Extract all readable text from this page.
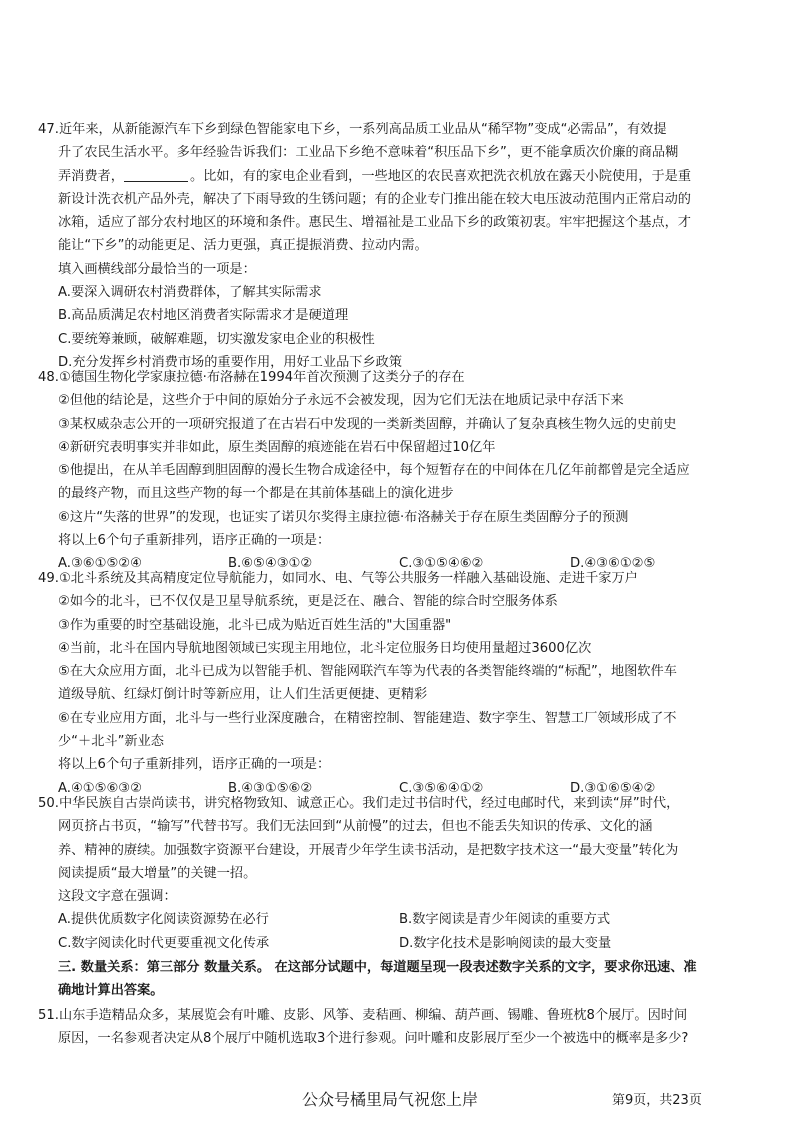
47.近年来，从新能源汽车下乡到绿色智能家电下乡，一系列高品质工业品从“稀罕物”变成“必需品”，有效提
升了农民生活水平。多年经验告诉我们：工业品下乡绝不意味着“积压品下乡”，更不能拿质次价廉的商品糊
弄消费者，	。比如，有的家电企业看到，一些地区的农民喜欢把洗衣机放在露天小院使用，于是重
新设计洗衣机产品外壳，解决了下雨导致的生锈问题；有的企业专门推出能在较大电压波动范围内正常启动的
冰箱，适应了部分农村地区的环境和条件。惠民生、增福祉是工业品下乡的政策初衷。牢牢把握这个基点，才
能让“下乡”的动能更足、活力更强，真正提振消费、拉动内需。
填入画横线部分最恰当的一项是：
A.要深入调研农村消费群体，了解其实际需求
B.高品质满足农村地区消费者实际需求才是硬道理
C.要统筹兼顾，破解难题，切实激发家电企业的积极性
D.充分发挥乡村消费市场的重要作用，用好工业品下乡政策
48.①德国生物化学家康拉德·布洛赫在1994年首次预测了这类分子的存在
②但他的结论是，这些介于中间的原始分子永远不会被发现，因为它们无法在地质记录中存活下来
③某权威杂志公开的一项研究报道了在古岩石中发现的一类新类固醇，并确认了复杂真核生物久远的史前史
④新研究表明事实并非如此，原生类固醇的痕迹能在岩石中保留超过10亿年
⑤他提出，在从羊毛固醇到胆固醇的漫长生物合成途径中，每个短暂存在的中间体在几亿年前都曾是完全适应
的最终产物，而且这些产物的每一个都是在其前体基础上的演化进步
⑥这片“失落的世界”的发现，也证实了诺贝尔奖得主康拉德·布洛赫关于存在原生类固醇分子的预测
将以上6个句子重新排列，语序正确的一项是：
A.③⑥①⑤②④	B.⑥⑤④③①②	C.③①⑤④⑥②	D.④③⑥①②⑤
49.①北斗系统及其高精度定位导航能力，如同水、电、气等公共服务一样融入基础设施、走进千家万户
②如今的北斗，已不仅仅是卫星导航系统，更是泛在、融合、智能的综合时空服务体系
③作为重要的时空基础设施，北斗已成为贴近百姓生活的"大国重器"
④当前，北斗在国内导航地图领域已实现主用地位，北斗定位服务日均使用量超过3600亿次
⑤在大众应用方面，北斗已成为以智能手机、智能网联汽车等为代表的各类智能终端的“标配”，地图软件车
道级导航、红绿灯倒计时等新应用，让人们生活更便捷、更精彩
⑥在专业应用方面，北斗与一些行业深度融合，在精密控制、智能建造、数字孪生、智慧工厂领域形成了不
少“＋北斗”新业态
将以上6个句子重新排列，语序正确的一项是：
A.④①⑤⑥③②	B.④③①⑤⑥②	C.③⑤⑥④①②	D.③①⑥⑤④②
50.中华民族自古崇尚读书，讲究格物致知、诚意正心。我们走过书信时代，经过电邮时代，来到读“屏”时代，
网页挤占书页，“输写”代替书写。我们无法回到“从前慢”的过去，但也不能丢失知识的传承、文化的涵
养、精神的赓续。加强数字资源平台建设，开展青少年学生读书活动，是把数字技术这一“最大变量”转化为
阅读提质“最大增量”的关键一招。
这段文字意在强调：
A.提供优质数字化阅读资源势在必行	B.数字阅读是青少年阅读的重要方式
C.数字阅读化时代更要重视文化传承	D.数字化技术是影响阅读的最大变量
三. 数量关系：第三部分 数量关系。 在这部分试题中，每道题呈现一段表述数字关系的文字，要求你迅速、准
确地计算出答案。
51.山东手造精品众多，某展览会有叶雕、皮影、风筝、麦秸画、柳编、葫芦画、锡雕、鲁班枕8个展厅。因时间
原因，一名参观者决定从8个展厅中随机选取3个进行参观。问叶雕和皮影展厅至少一个被选中的概率是多少?
公众号橘里局气祝您上岸	第9页，共23页
